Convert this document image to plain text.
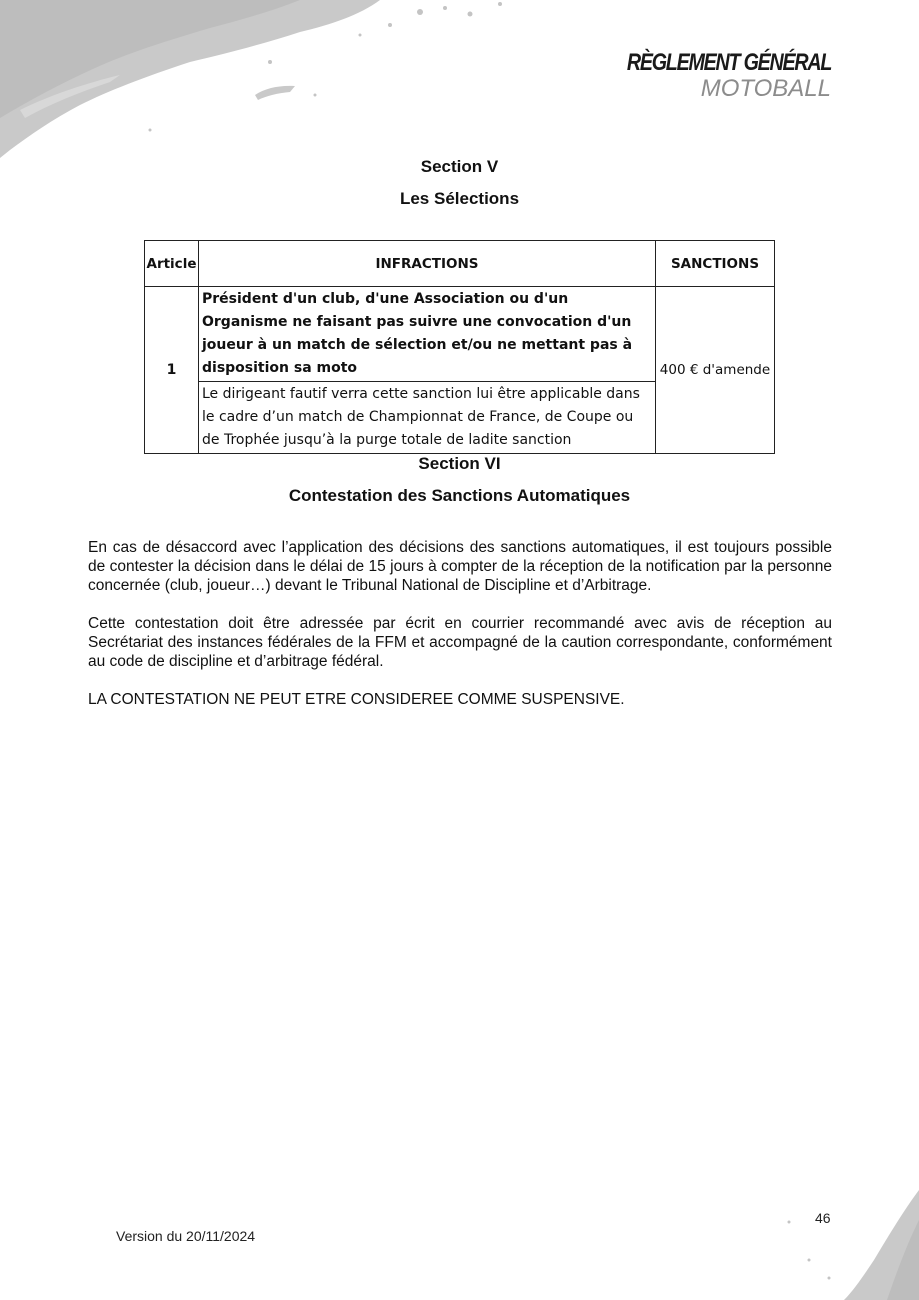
RÈGLEMENT GÉNÉRAL
MOTOBALL
Section V
Les Sélections
Article	INFRACTIONS	SANCTIONS
1	Président d'un club, d'une Association ou d'un Organisme ne faisant pas suivre une convocation d'un joueur à un match de sélection et/ou ne mettant pas à disposition sa moto	400 € d'amende
	Le dirigeant fautif verra cette sanction lui être applicable dans le cadre d’un match de Championnat de France, de Coupe ou de Trophée jusqu’à la purge totale de ladite sanction	
Section VI
Contestation des Sanctions Automatiques

En cas de désaccord avec l’application des décisions des sanctions automatiques, il est toujours possible de contester la décision dans le délai de 15 jours à compter de la réception de la notification par la personne concernée (club, joueur…) devant le Tribunal National de Discipline et d’Arbitrage.

Cette contestation doit être adressée par écrit en courrier recommandé avec avis de réception au Secrétariat des instances fédérales de la FFM et accompagné de la caution correspondante, conformément au code de discipline et d’arbitrage fédéral.

LA CONTESTATION NE PEUT ETRE CONSIDEREE COMME SUSPENSIVE.

46
Version du 20/11/2024
